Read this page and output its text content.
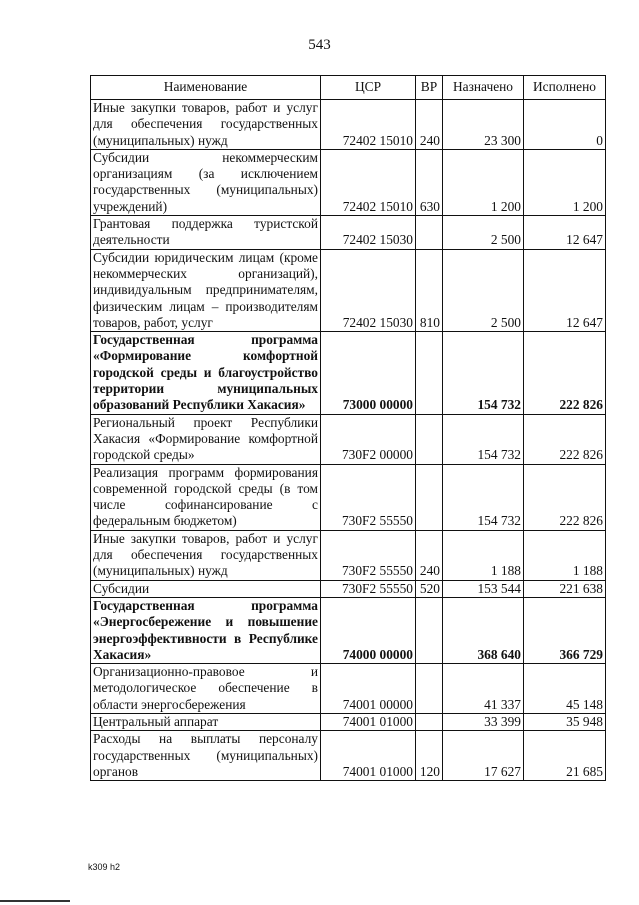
543
Наименование	ЦСР	ВР	Назначено	Исполнено
Иные закупки товаров, работ и услуг для обеспечения государственных (муниципальных) нужд	72402 15010	240	23 300	0
Субсидии некоммерческим организациям (за исключением государственных (муниципальных) учреждений)	72402 15010	630	1 200	1 200
Грантовая поддержка туристской деятельности	72402 15030		2 500	12 647
Субсидии юридическим лицам (кроме некоммерческих организаций), индивидуальным предпринимателям, физическим лицам – производителям товаров, работ, услуг	72402 15030	810	2 500	12 647
Государственная программа «Формирование комфортной городской среды и благоустройство территории муниципальных образований Республики Хакасия»	73000 00000		154 732	222 826
Региональный проект Республики Хакасия «Формирование комфортной городской среды»	730F2 00000		154 732	222 826
Реализация программ формирования современной городской среды (в том числе софинансирование с федеральным бюджетом)	730F2 55550		154 732	222 826
Иные закупки товаров, работ и услуг для обеспечения государственных (муниципальных) нужд	730F2 55550	240	1 188	1 188
Субсидии	730F2 55550	520	153 544	221 638
Государственная программа «Энергосбережение и повышение энергоэффективности в Республике Хакасия»	74000 00000		368 640	366 729
Организационно-правовое и методологическое обеспечение в области энергосбережения	74001 00000		41 337	45 148
Центральный аппарат	74001 01000		33 399	35 948
Расходы на выплаты персоналу государственных (муниципальных) органов	74001 01000	120	17 627	21 685
k309 h2
